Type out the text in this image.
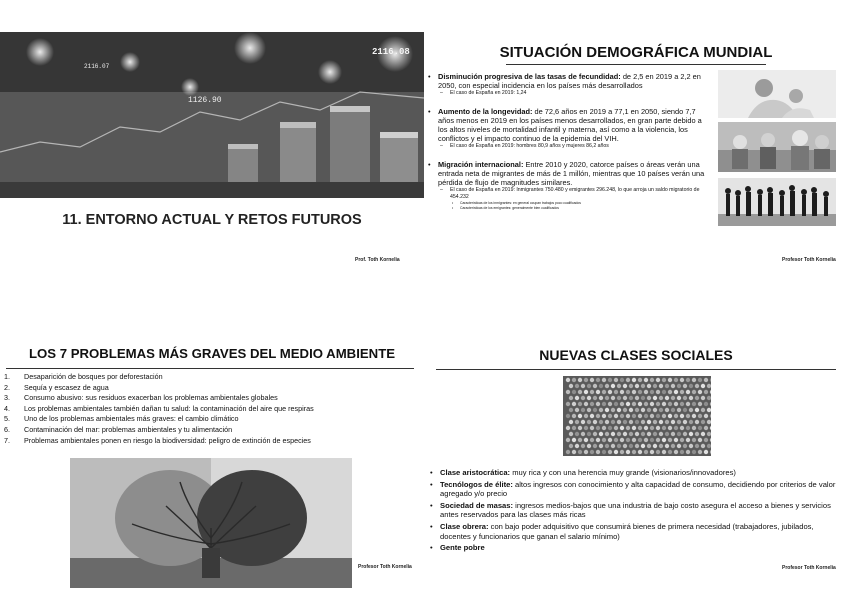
2116.07
1126.90
2116.08
11. ENTORNO ACTUAL Y RETOS FUTUROS
Prof. Toth Kornelia
SITUACIÓN DEMOGRÁFICA MUNDIAL
• Disminución progresiva de las tasas de fecundidad: de 2,5 en 2019 a 2,2 en 2050, con especial incidencia en los países más desarrollados
– El caso de España en 2019: 1,24
• Aumento de la longevidad: de 72,6 años en 2019 a 77,1 en 2050, siendo 7,7 años menos en 2019 en los países menos desarrollados, en gran parte debido a los altos niveles de mortalidad infantil y materna, así como a la violencia, los conflictos y el impacto continuo de la epidemia del VIH.
– El caso de España en 2019: hombres 80,9 años y mujeres 86,2 años
• Migración internacional: Entre 2010 y 2020, catorce países o áreas verán una entrada neta de migrantes de más de 1 millón, mientras que 10 países verán una pérdida de flujo de magnitudes similares.
– El caso de España en 2019: Inmigrantes 750.480 y emigrantes 296.248, lo que arroja un saldo migratorio de 454.232
• Características de los inmigrantes: en general ocupan trabajos poco cualificados
• Características de los emigrantes: generalmente bien cualificados
Profesor Toth Kornelia
LOS 7 PROBLEMAS MÁS GRAVES DEL MEDIO AMBIENTE
1. Desaparición de bosques por deforestación
2. Sequía y escasez de agua
3. Consumo abusivo: sus residuos exacerban los problemas ambientales globales
4. Los problemas ambientales también dañan tu salud: la contaminación del aire que respiras
5. Uno de los problemas ambientales más graves: el cambio climático
6. Contaminación del mar: problemas ambientales y tu alimentación
7. Problemas ambientales ponen en riesgo la biodiversidad: peligro de extinción de especies
Profesor Toth Kornelia
NUEVAS CLASES SOCIALES
• Clase aristocrática: muy rica y con una herencia muy grande (visionarios/innovadores)
• Tecnólogos de élite: altos ingresos con conocimiento y alta capacidad de consumo, decidiendo por criterios de valor agregado y/o precio
• Sociedad de masas: ingresos medios-bajos que una industria de bajo costo asegura el acceso a bienes y servicios antes reservados para las clases más ricas
• Clase obrera: con bajo poder adquisitivo que consumirá bienes de primera necesidad (trabajadores, jubilados, docentes y funcionarios que ganan el salario mínimo)
• Gente pobre
Profesor Toth Kornelia
